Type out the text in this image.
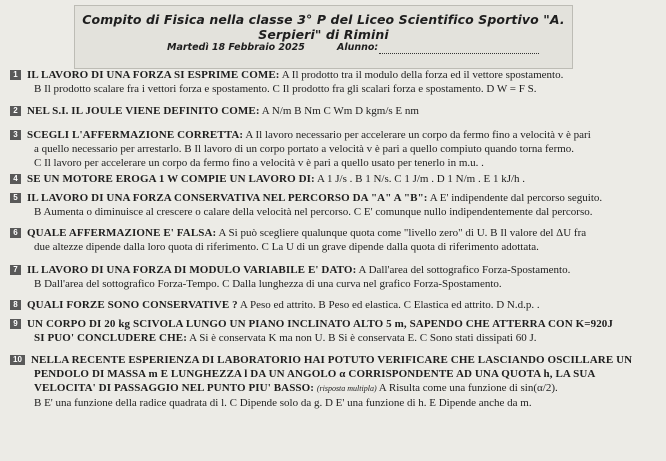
Compito di Fisica nella classe 3° P del Liceo Scientifico Sportivo "A. Serpieri" di Rimini
Martedì 18 Febbraio 2025	Alunno:
1 IL LAVORO DI UNA FORZA SI ESPRIME COME: A Il prodotto tra il modulo della forza ed il vettore spostamento.
B Il prodotto scalare fra i vettori forza e spostamento. C Il prodotto fra gli scalari forza e spostamento. D W = F S.
2 NEL S.I. IL JOULE VIENE DEFINITO COME: A N/m B Nm C Wm D kgm/s E nm
3 SCEGLI L'AFFERMAZIONE CORRETTA: A Il lavoro necessario per accelerare un corpo da fermo fino a velocità v è pari
a quello necessario per arrestarlo. B Il lavoro di un corpo portato a velocità v è pari a quello compiuto quando torna fermo.
C Il lavoro per accelerare un corpo da fermo fino a velocità v è pari a quello usato per tenerlo in m.u. .
4 SE UN MOTORE EROGA 1 W COMPIE UN LAVORO DI: A 1 J/s . B 1 N/s. C 1 J/m . D 1 N/m . E 1 kJ/h .
5 IL LAVORO DI UNA FORZA CONSERVATIVA NEL PERCORSO DA "A" A "B": A E' indipendente dal percorso seguito.
B Aumenta o diminuisce al crescere o calare della velocità nel percorso. C E' comunque nullo indipendentemente dal percorso.
6 QUALE AFFERMAZIONE E' FALSA: A Si può scegliere qualunque quota come "livello zero" di U. B Il valore del ΔU fra
due altezze dipende dalla loro quota di riferimento. C La U di un grave dipende dalla quota di riferimento adottata.
7 IL LAVORO DI UNA FORZA DI MODULO VARIABILE E' DATO: A Dall'area del sottografico Forza-Spostamento.
B Dall'area del sottografico Forza-Tempo. C Dalla lunghezza di una curva nel grafico Forza-Spostamento.
8 QUALI FORZE SONO CONSERVATIVE ? A Peso ed attrito. B Peso ed elastica. C Elastica ed attrito. D N.d.p. .
9 UN CORPO DI 20 kg SCIVOLA LUNGO UN PIANO INCLINATO ALTO 5 m, SAPENDO CHE ATTERRA CON K=920J
SI PUO' CONCLUDERE CHE: A Si è conservata K ma non U. B Si è conservata E. C Sono stati dissipati 60 J.
10 NELLA RECENTE ESPERIENZA DI LABORATORIO HAI POTUTO VERIFICARE CHE LASCIANDO OSCILLARE UN
PENDOLO DI MASSA m E LUNGHEZZA l DA UN ANGOLO α CORRISPONDENTE AD UNA QUOTA h, LA SUA
VELOCITA' DI PASSAGGIO NEL PUNTO PIU' BASSO: (risposta multipla) A Risulta come una funzione di sin(α/2).
B E' una funzione della radice quadrata di l. C Dipende solo da g. D E' una funzione di h. E Dipende anche da m.
